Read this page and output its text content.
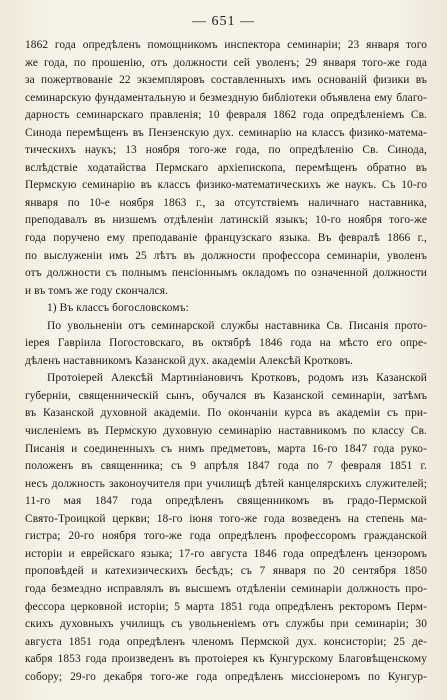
— 651 —
1862 года опредѣленъ помощникомъ инспектора семинаріи; 23 января того
же года, по прошенію, отъ должности сей уволенъ; 29 января того-же года
за пожертвованіе 22 экземпляровъ составленныхъ имъ основаній физики въ
семинарскую фундаментальную и безмездную библіотеки объявлена ему благо-
дарность семинарскаго правленія; 10 февраля 1862 года опредѣленіемъ Св.
Синода перемѣщенъ въ Пензенскую дух. семинарію на классъ физико-матема-
тическихъ наукъ; 13 ноября того-же года, по опредѣленію Св. Синода,
вслѣдствіе ходатайства Пермскаго архіепископа, перемѣщенъ обратно въ
Пермскую семинарію въ классъ физико-математическихъ же наукъ. Съ 10-го
января по 10-е ноября 1863 г., за отсутствіемъ наличнаго наставника,
преподавалъ въ низшемъ отдѣленіи латинскій языкъ; 10-го ноября того-же
года поручено ему преподаваніе французскаго языка. Въ февралѣ 1866 г.,
по выслуженіи имъ 25 лѣтъ въ должности профессора семинаріи, уволенъ
отъ должности съ полнымъ пенсіоннымъ окладомъ по означенной должности
и въ томъ же году скончался.
1) Въ классъ богословскомъ:
По увольненіи отъ семинарской службы наставника Св. Писанія прото-
іерея Гавріила Погостовскаго, въ октябрѣ 1846 года на мѣсто его опре-
дѣленъ наставникомъ Казанской дух. академіи Алексѣй Кротковъ.
Протоіерей Алексѣй Мартиніановичъ Кротковъ, родомъ изъ Казанской
губерніи, священническій сынъ, обучался въ Казанской семинаріи, затѣмъ
въ Казанской духовной академіи. По окончаніи курса въ академіи съ при-
численіемъ въ Пермскую духовную семинарію наставникомъ по классу Св.
Писанія и соединенныхъ съ нимъ предметовъ, марта 16-го 1847 года руко-
положенъ въ священника; съ 9 апрѣля 1847 года по 7 февраля 1851 г.
несъ должность законоучителя при училищѣ дѣтей канцелярскихъ служителей;
11-го мая 1847 года опредѣленъ священникомъ въ градо-Пермской
Свято-Троицкой церкви; 18-го іюня того-же года возведенъ на степень ма-
гистра; 20-го ноября того-же года опредѣленъ профессоромъ гражданской
исторіи и еврейскаго языка; 17-го августа 1846 года опредѣленъ цензоромъ
проповѣдей и катехизическихъ бесѣдъ; съ 7 января по 20 сентября 1850
года безмездно исправлялъ въ высшемъ отдѣленіи семинаріи должность про-
фессора церковной исторіи; 5 марта 1851 года опредѣленъ ректоромъ Перм-
скихъ духовныхъ училищъ съ увольненіемъ отъ службы при семинаріи; 30
августа 1851 года опредѣленъ членомъ Пермской дух. консисторіи; 25 де-
кабря 1853 года произведенъ въ протоіерея къ Кунгурскому Благовѣщенскому
собору; 29-го декабря того-же года опредѣленъ миссіонеромъ по Кунгур-
